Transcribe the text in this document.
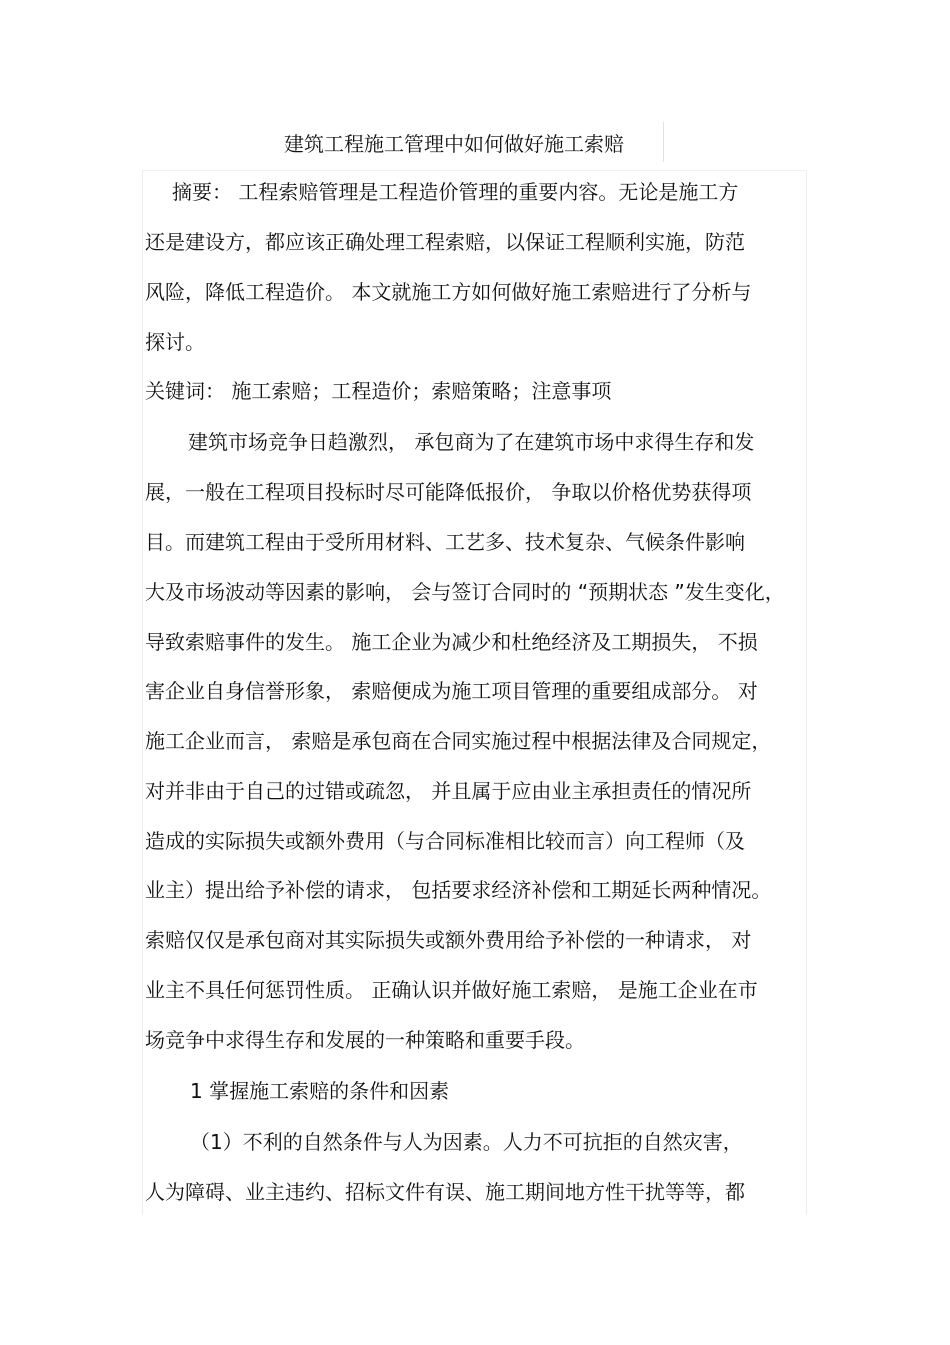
建筑工程施工管理中如何做好施工索赔
摘要： 工程索赔管理是工程造价管理的重要内容。无论是施工方
还是建设方，都应该正确处理工程索赔，以保证工程顺利实施，防范
风险，降低工程造价。 本文就施工方如何做好施工索赔进行了分析与
探讨。
关键词： 施工索赔；工程造价；索赔策略；注意事项
建筑市场竞争日趋激烈， 承包商为了在建筑市场中求得生存和发
展，一般在工程项目投标时尽可能降低报价， 争取以价格优势获得项
目。而建筑工程由于受所用材料、工艺多、技术复杂、气候条件影响
大及市场波动等因素的影响， 会与签订合同时的 “预期状态 ”发生变化，
导致索赔事件的发生。 施工企业为减少和杜绝经济及工期损失， 不损
害企业自身信誉形象， 索赔便成为施工项目管理的重要组成部分。 对
施工企业而言， 索赔是承包商在合同实施过程中根据法律及合同规定，
对并非由于自己的过错或疏忽， 并且属于应由业主承担责任的情况所
造成的实际损失或额外费用（与合同标准相比较而言）向工程师（及
业主）提出给予补偿的请求， 包括要求经济补偿和工期延长两种情况。
索赔仅仅是承包商对其实际损失或额外费用给予补偿的一种请求， 对
业主不具任何惩罚性质。 正确认识并做好施工索赔， 是施工企业在市
场竞争中求得生存和发展的一种策略和重要手段。
1 掌握施工索赔的条件和因素
（1）不利的自然条件与人为因素。人力不可抗拒的自然灾害，
人为障碍、业主违约、招标文件有误、施工期间地方性干扰等等，都
